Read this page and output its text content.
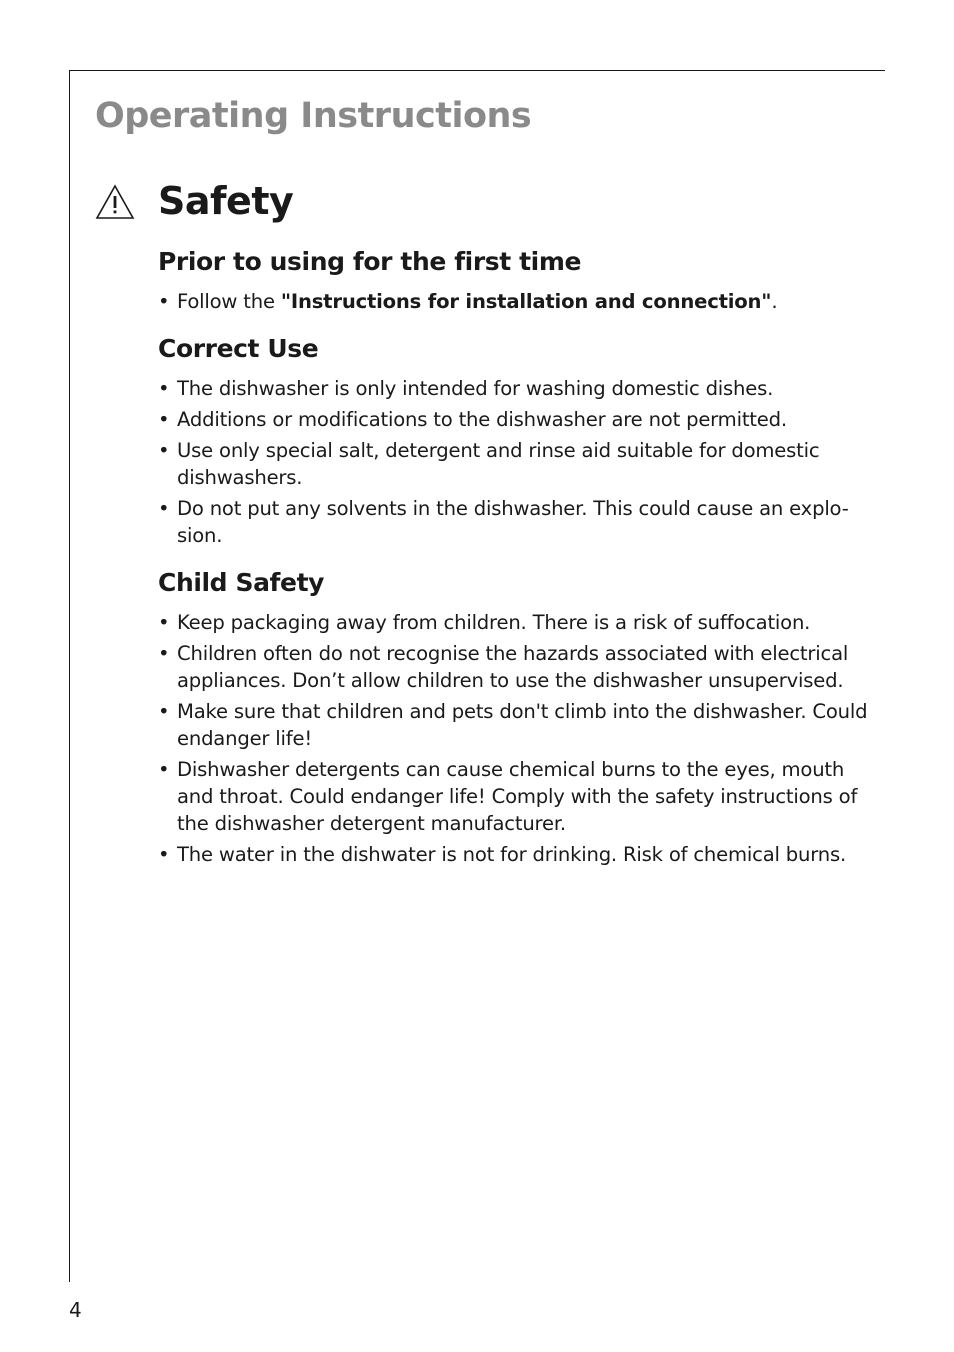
Operating Instructions
Safety
Prior to using for the first time
• Follow the "Instructions for installation and connection".
Correct Use
• The dishwasher is only intended for washing domestic dishes.
• Additions or modifications to the dishwasher are not permitted.
• Use only special salt, detergent and rinse aid suitable for domestic dishwashers.
• Do not put any solvents in the dishwasher. This could cause an explo-sion.
Child Safety
• Keep packaging away from children. There is a risk of suffocation.
• Children often do not recognise the hazards associated with electrical appliances. Don’t allow children to use the dishwasher unsupervised.
• Make sure that children and pets don't climb into the dishwasher. Could endanger life!
• Dishwasher detergents can cause chemical burns to the eyes, mouth and throat. Could endanger life! Comply with the safety instructions of the dishwasher detergent manufacturer.
• The water in the dishwater is not for drinking. Risk of chemical burns.
4
